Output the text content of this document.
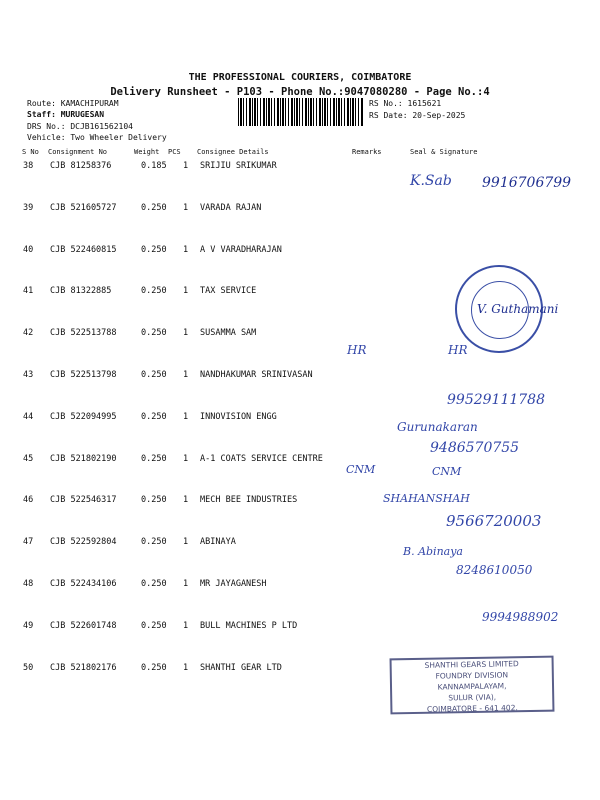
THE PROFESSIONAL COURIERS, COIMBATORE
Delivery Runsheet - P103 - Phone No.:9047080280 - Page No.:4
Route: KAMACHIPURAM
Staff: MURUGESAN
DRS No.: DCJB161562104
Vehicle: Two Wheeler Delivery
RS No.: 1615621
RS Date: 20-Sep-2025
S No Consignment No	Weight PCS Consignee Details	Remarks	Seal & Signature
38 CJB 81258376	0.185 1 SRIJIU SRIKUMAR
39 CJB 521605727	0.250 1 VARADA RAJAN
40 CJB 522460815	0.250 1 A V VARADHARAJAN
41 CJB 81322885	0.250 1 TAX SERVICE
42 CJB 522513788	0.250 1 SUSAMMA SAM
43 CJB 522513798	0.250 1 NANDHAKUMAR SRINIVASAN
44 CJB 522094995	0.250 1 INNOVISION ENGG
45 CJB 521802190	0.250 1 A-1 COATS SERVICE CENTRE
46 CJB 522546317	0.250 1 MECH BEE INDUSTRIES
47 CJB 522592804	0.250 1 ABINAYA
48 CJB 522434106	0.250 1 MR JAYAGANESH
49 CJB 522601748	0.250 1 BULL MACHINES P LTD
50 CJB 521802176	0.250 1 SHANTHI GEAR LTD
K.Sab 9916706799
V. Guthamani
HR	HR
99529111788
Gurunakaran
9486570755
CNM	CNM
SHAHANSHAH
9566720003
B. Abinaya
8248610050
9994988902
SHANTHI GEARS LIMITED
FOUNDRY DIVISION
KANNAMPALAYAM,
SULUR (VIA),
COIMBATORE - 641 402.
